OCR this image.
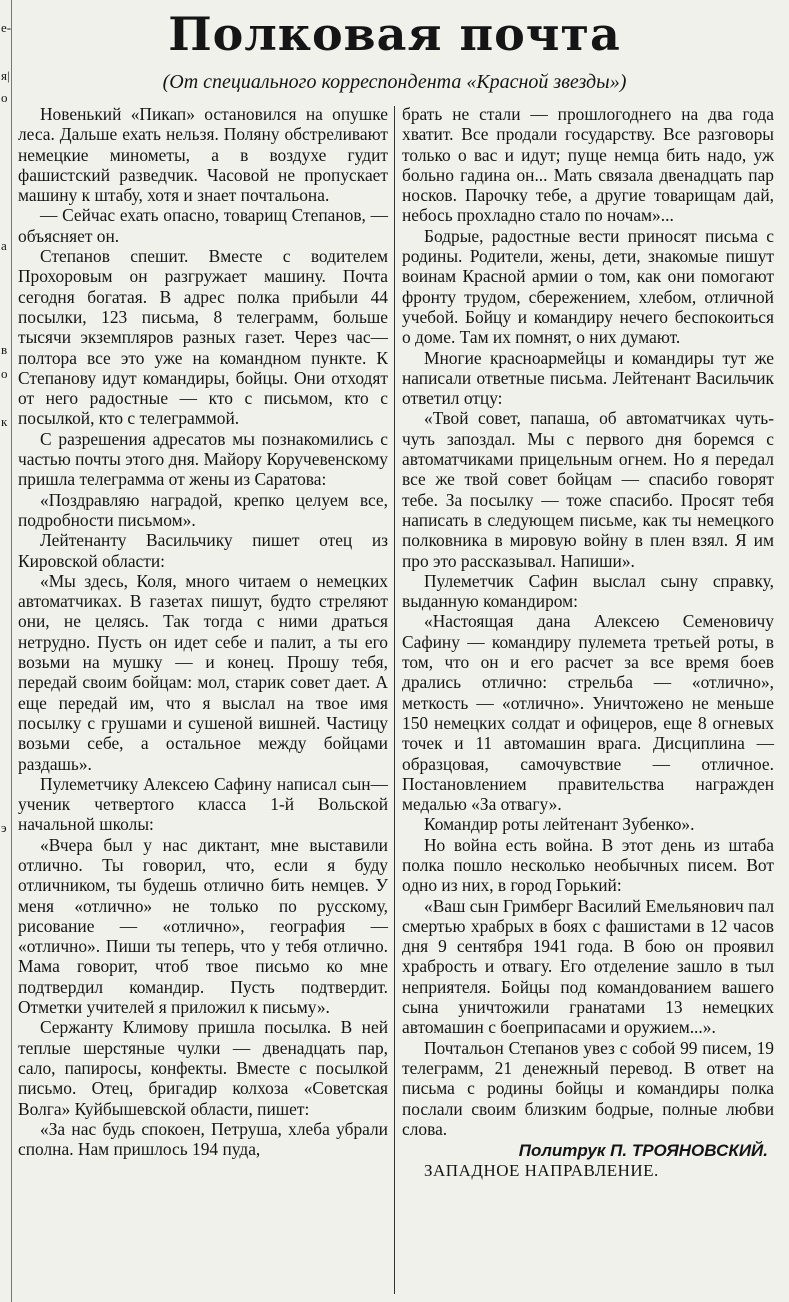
е-
я|
о
а
в
о
к
э
Полковая почта
(От специального корреспондента «Красной звезды»)

Новенький «Пикап» остановился на опушке леса. Дальше ехать нельзя. Поляну обстреливают немецкие минометы, а в воздухе гудит фашистский разведчик. Часовой не пропускает машину к штабу, хотя и знает почтальона.

— Сейчас ехать опасно, товарищ Степанов, — объясняет он.

Степанов спешит. Вместе с водителем Прохоровым он разгружает машину. Почта сегодня богатая. В адрес полка прибыли 44 посылки, 123 письма, 8 телеграмм, больше тысячи экземпляров разных газет. Через час—полтора все это уже на командном пункте. К Степанову идут командиры, бойцы. Они отходят от него радостные — кто с письмом, кто с посылкой, кто с телеграммой.

С разрешения адресатов мы познакомились с частью почты этого дня. Майору Коручевенскому пришла телеграмма от жены из Саратова:

«Поздравляю наградой, крепко целуем все, подробности письмом».

Лейтенанту Васильчику пишет отец из Кировской области:

«Мы здесь, Коля, много читаем о немецких автоматчиках. В газетах пишут, будто стреляют они, не целясь. Так тогда с ними драться нетрудно. Пусть он идет себе и палит, а ты его возьми на мушку — и конец. Прошу тебя, передай своим бойцам: мол, старик совет дает. А еще передай им, что я выслал на твое имя посылку с грушами и сушеной вишней. Частицу возьми себе, а остальное между бойцами раздашь».

Пулеметчику Алексею Сафину написал сын—ученик четвертого класса 1-й Вольской начальной школы:

«Вчера был у нас диктант, мне выставили отлично. Ты говорил, что, если я буду отличником, ты будешь отлично бить немцев. У меня «отлично» не только по русскому, рисование — «отлично», география — «отлично». Пиши ты теперь, что у тебя отлично. Мама говорит, чтоб твое письмо ко мне подтвердил командир. Пусть подтвердит. Отметки учителей я приложил к письму».

Сержанту Климову пришла посылка. В ней теплые шерстяные чулки — двенадцать пар, сало, папиросы, конфекты. Вместе с посылкой письмо. Отец, бригадир колхоза «Советская Волга» Куйбышевской области, пишет:

«За нас будь спокоен, Петруша, хлеба убрали сполна. Нам пришлось 194 пуда,

брать не стали — прошлогоднего на два года хватит. Все продали государству. Все разговоры только о вас и идут; пуще немца бить надо, уж больно гадина он... Мать связала двенадцать пар носков. Парочку тебе, а другие товарищам дай, небось прохладно стало по ночам»...

Бодрые, радостные вести приносят письма с родины. Родители, жены, дети, знакомые пишут воинам Красной армии о том, как они помогают фронту трудом, сбережением, хлебом, отличной учебой. Бойцу и командиру нечего беспокоиться о доме. Там их помнят, о них думают.

Многие красноармейцы и командиры тут же написали ответные письма. Лейтенант Васильчик ответил отцу:

«Твой совет, папаша, об автоматчиках чуть-чуть запоздал. Мы с первого дня боремся с автоматчиками прицельным огнем. Но я передал все же твой совет бойцам — спасибо говорят тебе. За посылку — тоже спасибо. Просят тебя написать в следующем письме, как ты немецкого полковника в мировую войну в плен взял. Я им про это рассказывал. Напиши».

Пулеметчик Сафин выслал сыну справку, выданную командиром:

«Настоящая дана Алексею Семеновичу Сафину — командиру пулемета третьей роты, в том, что он и его расчет за все время боев дрались отлично: стрельба — «отлично», меткость — «отлично». Уничтожено не меньше 150 немецких солдат и офицеров, еще 8 огневых точек и 11 автомашин врага. Дисциплина — образцовая, самочувствие — отличное. Постановлением правительства награжден медалью «За отвагу».

Командир роты лейтенант Зубенко».

Но война есть война. В этот день из штаба полка пошло несколько необычных писем. Вот одно из них, в город Горький:

«Ваш сын Гримберг Василий Емельянович пал смертью храбрых в боях с фашистами в 12 часов дня 9 сентября 1941 года. В бою он проявил храбрость и отвагу. Его отделение зашло в тыл неприятеля. Бойцы под командованием вашего сына уничтожили гранатами 13 немецких автомашин с боеприпасами и оружием...».

Почтальон Степанов увез с собой 99 писем, 19 телеграмм, 21 денежный перевод. В ответ на письма с родины бойцы и командиры полка послали своим близким бодрые, полные любви слова.

Политрук П. ТРОЯНОВСКИЙ.

ЗАПАДНОЕ НАПРАВЛЕНИЕ.
